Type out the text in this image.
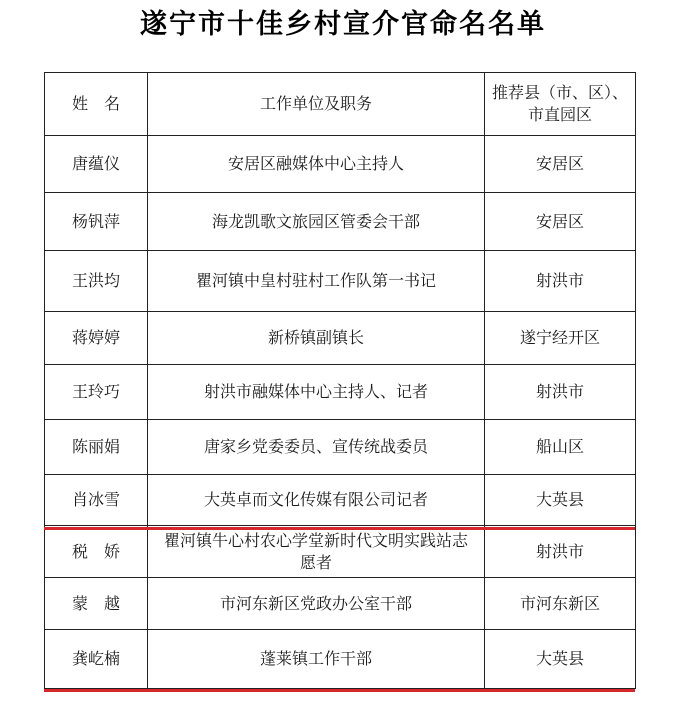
遂宁市十佳乡村宣介官命名名单
姓　名	工作单位及职务	推荐县（市、区）、市直园区
唐蕴仪	安居区融媒体中心主持人	安居区
杨钒萍	海龙凯歌文旅园区管委会干部	安居区
王洪均	瞿河镇中皇村驻村工作队第一书记	射洪市
蒋婷婷	新桥镇副镇长	遂宁经开区
王玲巧	射洪市融媒体中心主持人、记者	射洪市
陈丽娟	唐家乡党委委员、宣传统战委员	船山区
肖冰雪	大英卓而文化传媒有限公司记者	大英县
税　娇	瞿河镇牛心村农心学堂新时代文明实践站志愿者	射洪市
蒙　越	市河东新区党政办公室干部	市河东新区
龚屹楠	蓬莱镇工作干部	大英县
